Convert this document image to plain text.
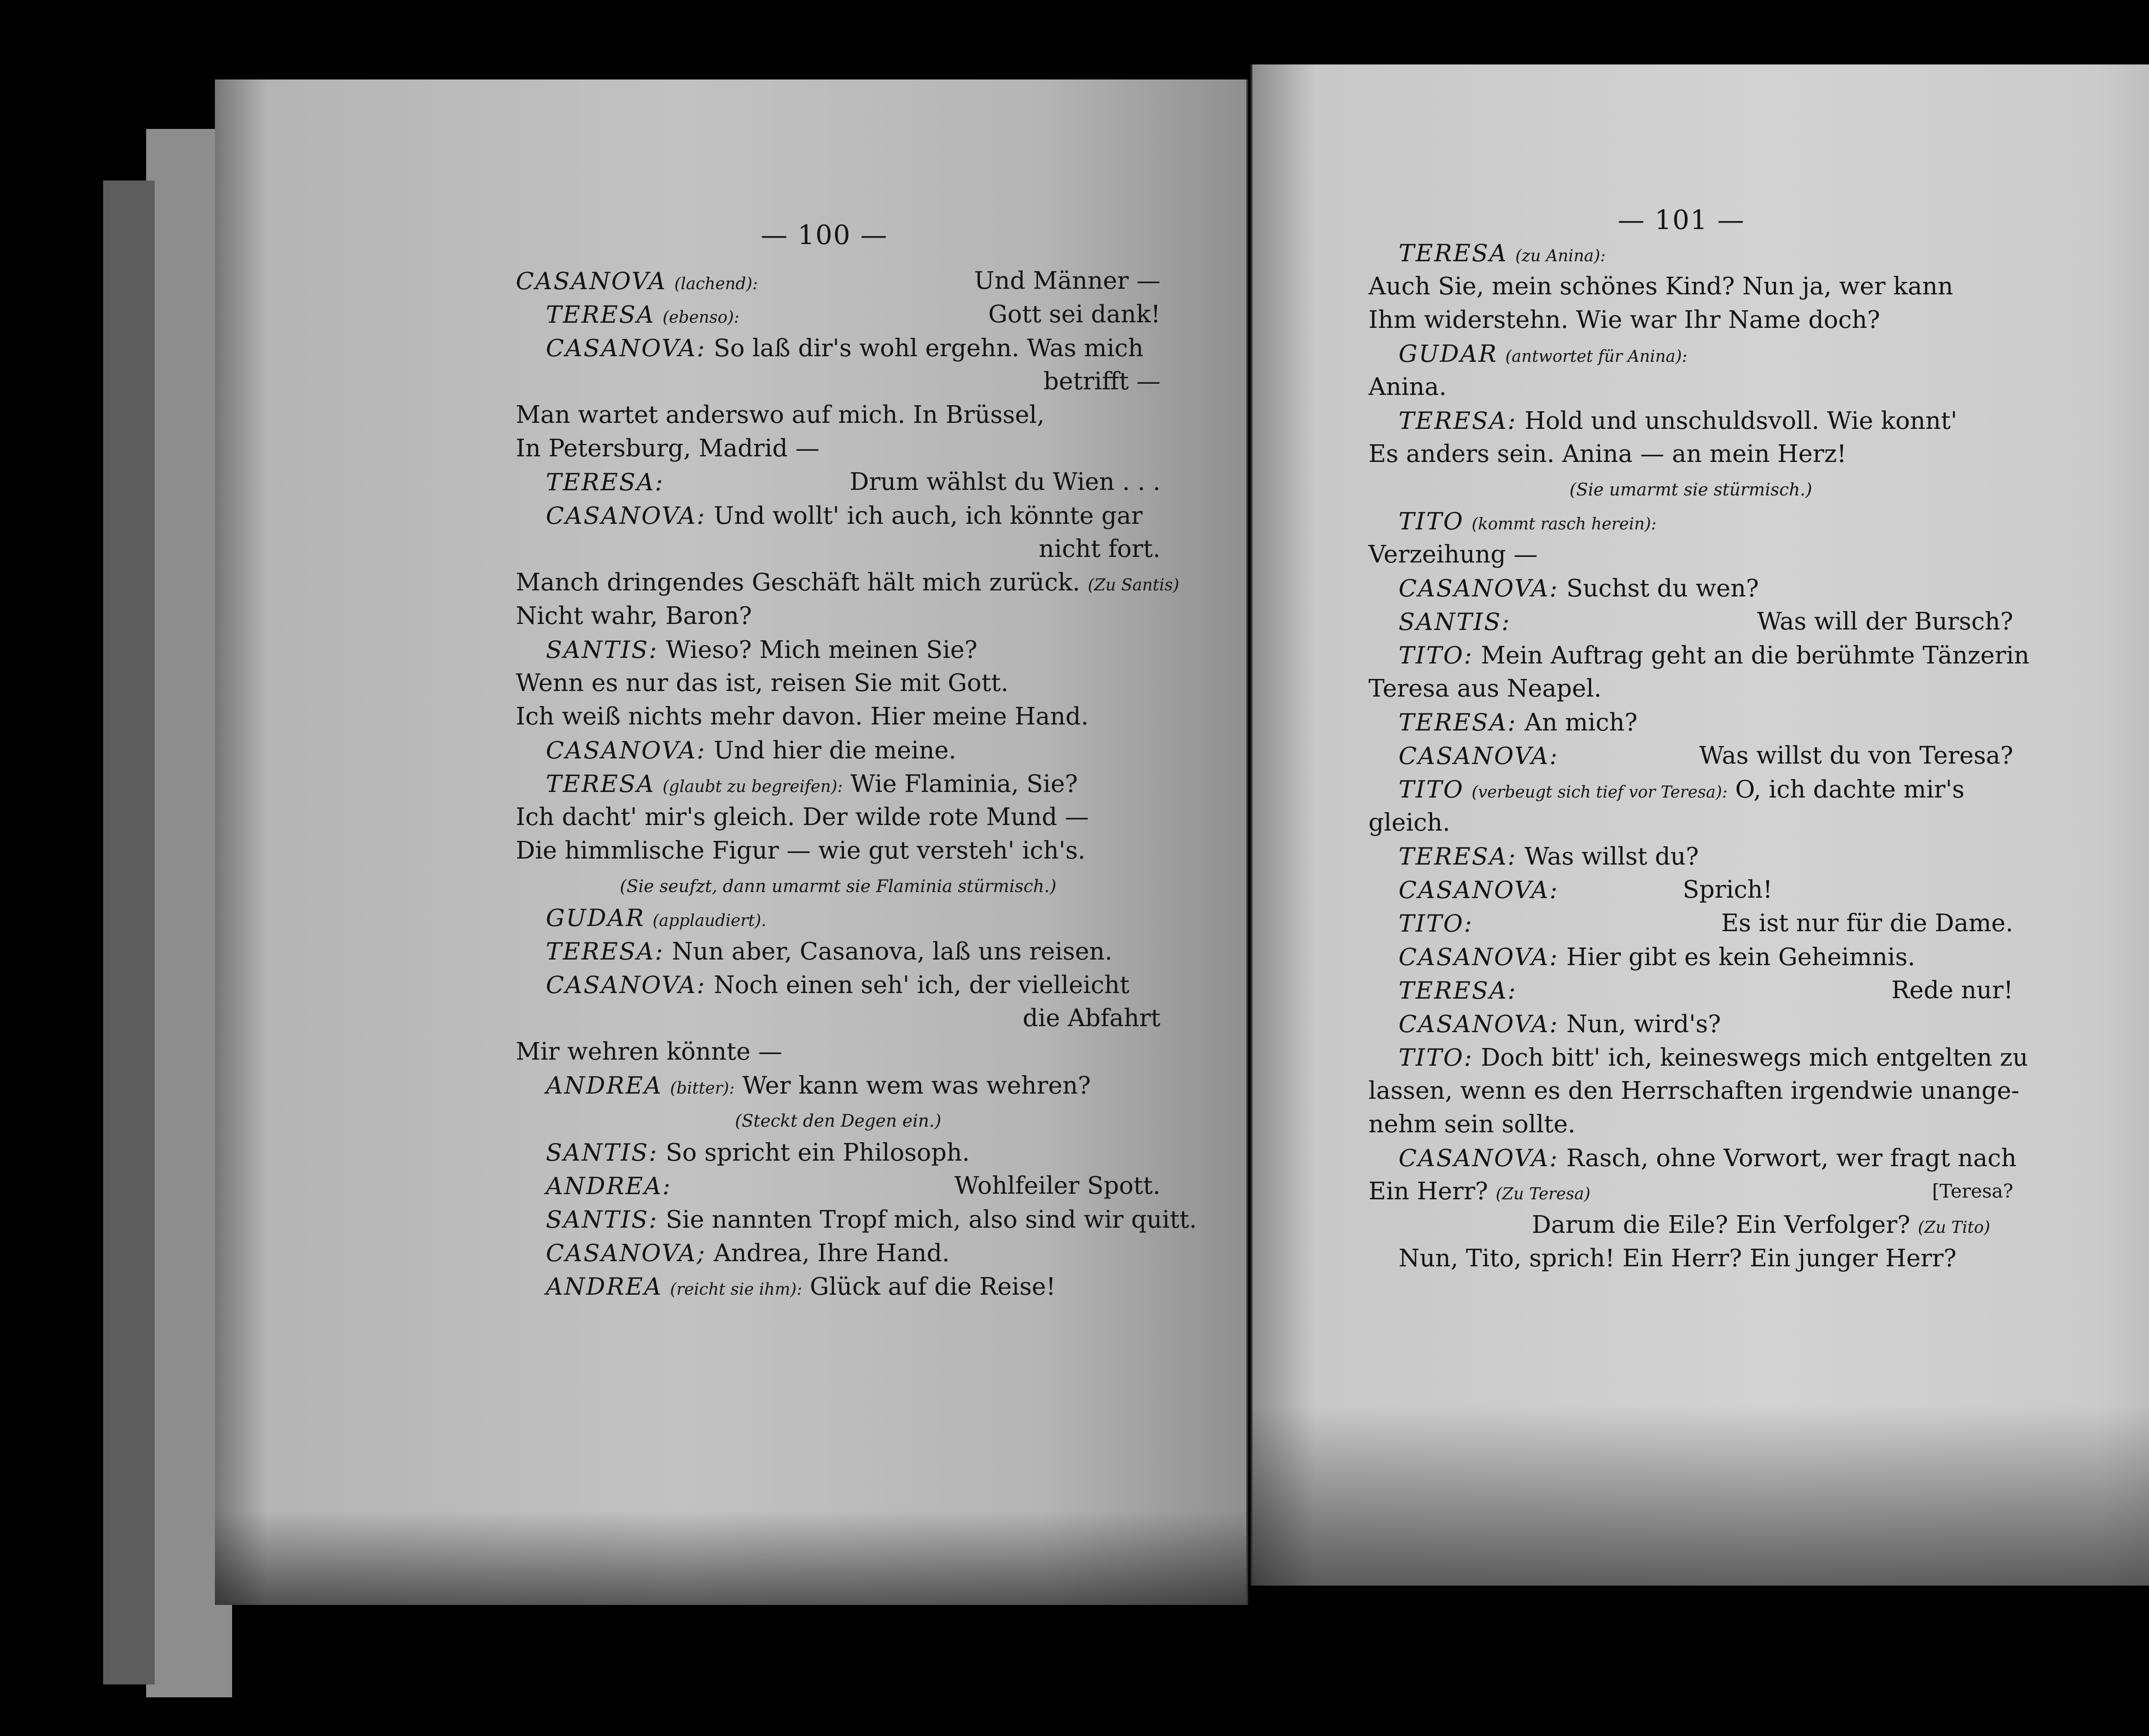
— 100 —
CASANOVA (lachend):	Und Männer —
TERESA (ebenso):	Gott sei dank!
CASANOVA: So laß dir's wohl ergehn. Was mich
betrifft —
Man wartet anderswo auf mich. In Brüssel,
In Petersburg, Madrid —
TERESA:	Drum wählst du Wien . . .
CASANOVA: Und wollt' ich auch, ich könnte gar
nicht fort.
Manch dringendes Geschäft hält mich zurück. (Zu Santis)
Nicht wahr, Baron?
SANTIS: Wieso? Mich meinen Sie?
Wenn es nur das ist, reisen Sie mit Gott.
Ich weiß nichts mehr davon. Hier meine Hand.
CASANOVA: Und hier die meine.
TERESA (glaubt zu begreifen): Wie Flaminia, Sie?
Ich dacht' mir's gleich. Der wilde rote Mund —
Die himmlische Figur — wie gut versteh' ich's.
(Sie seufzt, dann umarmt sie Flaminia stürmisch.)
GUDAR (applaudiert).
TERESA: Nun aber, Casanova, laß uns reisen.
CASANOVA: Noch einen seh' ich, der vielleicht
die Abfahrt
Mir wehren könnte —
ANDREA (bitter): Wer kann wem was wehren?
(Steckt den Degen ein.)
SANTIS: So spricht ein Philosoph.
ANDREA:	Wohlfeiler Spott.
SANTIS: Sie nannten Tropf mich, also sind wir quitt.
CASANOVA; Andrea, Ihre Hand.
ANDREA (reicht sie ihm): Glück auf die Reise!
— 101 —
TERESA (zu Anina):
Auch Sie, mein schönes Kind? Nun ja, wer kann
Ihm widerstehn. Wie war Ihr Name doch?
GUDAR (antwortet für Anina):
Anina.
TERESA: Hold und unschuldsvoll. Wie konnt'
Es anders sein. Anina — an mein Herz!
(Sie umarmt sie stürmisch.)
TITO (kommt rasch herein):
Verzeihung —
CASANOVA: Suchst du wen?
SANTIS:	Was will der Bursch?
TITO: Mein Auftrag geht an die berühmte Tänzerin
Teresa aus Neapel.
TERESA: An mich?
CASANOVA:	Was willst du von Teresa?
TITO (verbeugt sich tief vor Teresa): O, ich dachte mir's
gleich.
TERESA: Was willst du?
CASANOVA:	Sprich!
TITO:	Es ist nur für die Dame.
CASANOVA: Hier gibt es kein Geheimnis.
TERESA:	Rede nur!
CASANOVA: Nun, wird's?
TITO: Doch bitt' ich, keineswegs mich entgelten zu
lassen, wenn es den Herrschaften irgendwie unange-
nehm sein sollte.
CASANOVA: Rasch, ohne Vorwort, wer fragt nach
Ein Herr? (Zu Teresa)	[Teresa?
Darum die Eile? Ein Verfolger? (Zu Tito)
Nun, Tito, sprich! Ein Herr? Ein junger Herr?
